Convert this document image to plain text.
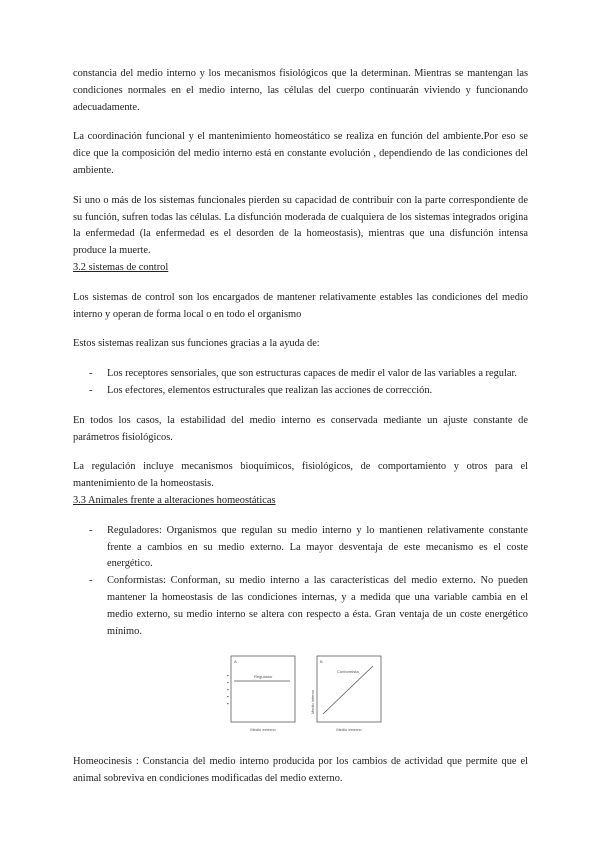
constancia del medio interno y los mecanismos fisiológicos que la determinan. Mientras se mantengan las condiciones normales en el medio interno, las células del cuerpo continuarán viviendo y funcionando adecuadamente.

La coordinación funcional y el mantenimiento homeostático se realiza en función del ambiente.Por eso se dice que la composición del medio interno está en constante evolución , dependiendo de las condiciones del ambiente.

Si uno o más de los sistemas funcionales pierden su capacidad de contribuir con la parte correspondiente de su función, sufren todas las células. La disfunción moderada de cualquiera de los sistemas integrados origina la enfermedad (la enfermedad es el desorden de la homeostasis), mientras que una disfunción intensa produce la muerte.

3.2 sistemas de control

Los sistemas de control son los encargados de mantener relativamente estables las condiciones del medio interno y operan de forma local o en todo el organismo

Estos sistemas realizan sus funciones gracias a la ayuda de:

- Los receptores sensoriales, que son estructuras capaces de medir el valor de las variables a regular.
- Los efectores, elementos estructurales que realizan las acciones de corrección.

En todos los casos, la estabilidad del medio interno es conservada mediante un ajuste constante de parámetros fisiológicos.

La regulación incluye mecanismos bioquímicos, fisiológicos, de comportamiento y otros para el mantenimiento de la homeostasis.

3.3 Animales frente a alteraciones homeostáticas
- Reguladores: Organismos que regulan su medio interno y lo mantienen relativamente constante frente a cambios en su medio externo. La mayor desventaja de este mecanismo es el coste energético.
- Conformistas: Conforman, su medio interno a las características del medio externo. No pueden mantener la homeostasis de las condiciones internas, y a medida que una variable cambia en el medio externo, su medio interno se altera con respecto a ésta. Gran ventaja de un coste energético mínimo.
A
Regulador
Medio externo
B
Conformista
Medio interno
Medio externo

Homeocinesis : Constancia del medio interno producida por los cambios de actividad que permite que el animal sobreviva en condiciones modificadas del medio externo.
